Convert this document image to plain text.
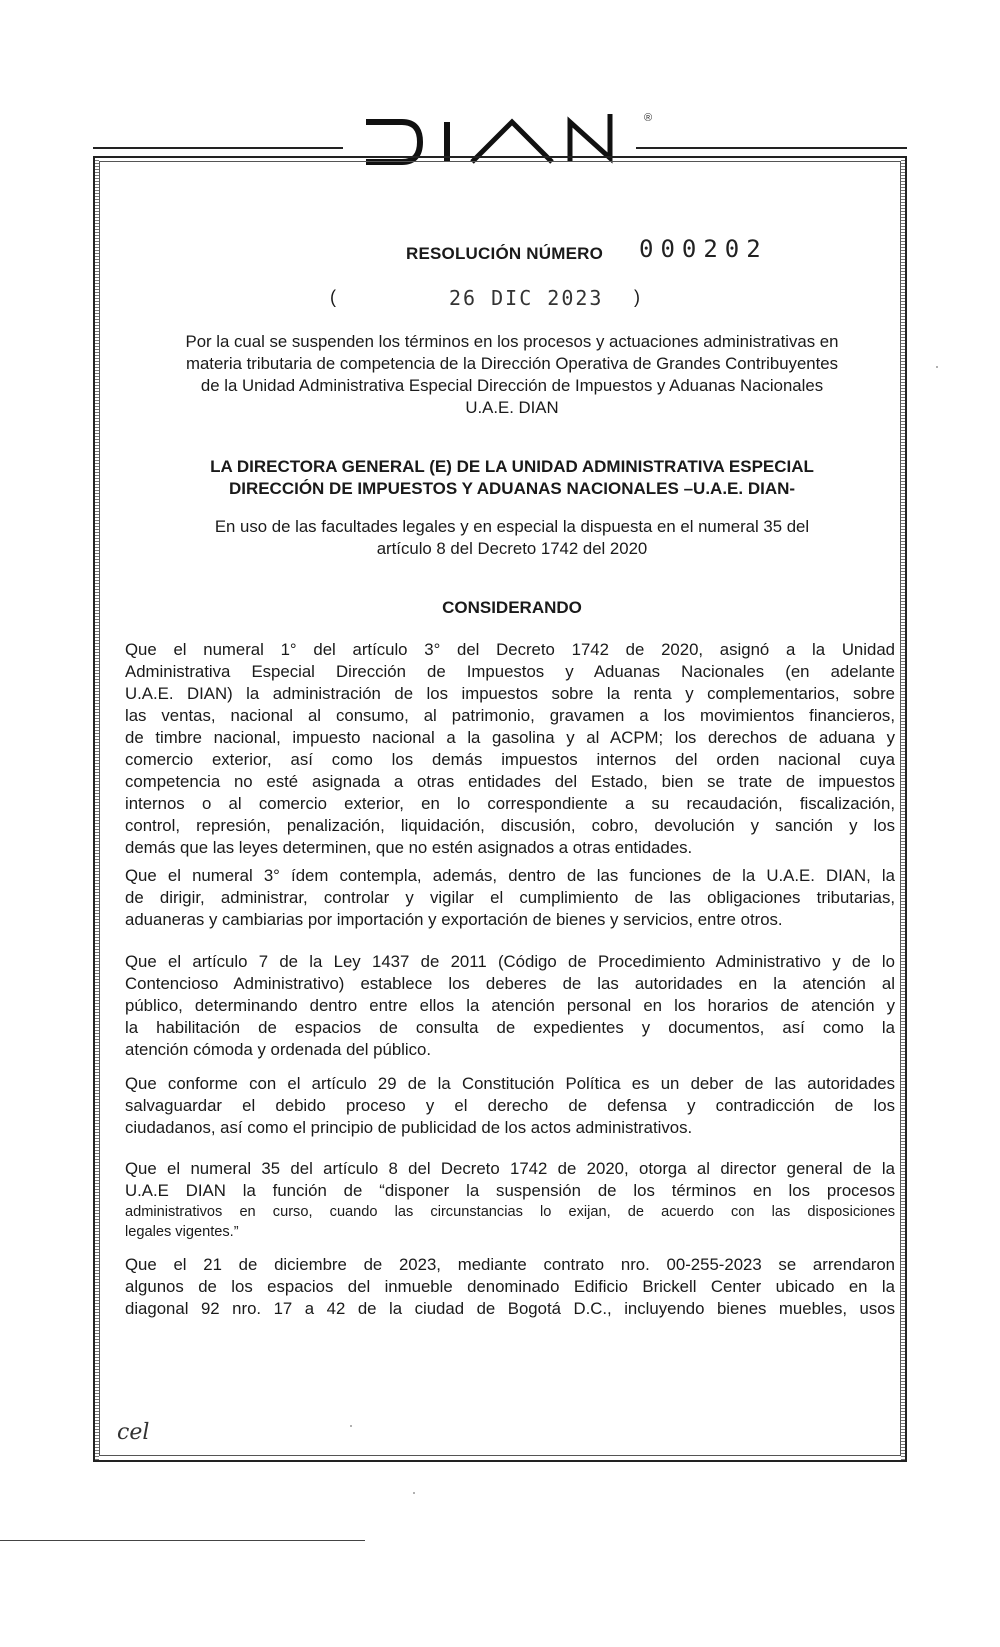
®
RESOLUCIÓN NÚMERO 000202
(	26 DIC 2023 )
Por la cual se suspenden los términos en los procesos y actuaciones administrativas en
materia tributaria de competencia de la Dirección Operativa de Grandes Contribuyentes
de la Unidad Administrativa Especial Dirección de Impuestos y Aduanas Nacionales
U.A.E. DIAN
LA DIRECTORA GENERAL (E) DE LA UNIDAD ADMINISTRATIVA ESPECIAL
DIRECCIÓN DE IMPUESTOS Y ADUANAS NACIONALES –U.A.E. DIAN-
En uso de las facultades legales y en especial la dispuesta en el numeral 35 del
artículo 8 del Decreto 1742 del 2020
CONSIDERANDO
Que el numeral 1° del artículo 3° del Decreto 1742 de 2020, asignó a la Unidad
Administrativa Especial Dirección de Impuestos y Aduanas Nacionales (en adelante
U.A.E. DIAN) la administración de los impuestos sobre la renta y complementarios, sobre
las ventas, nacional al consumo, al patrimonio, gravamen a los movimientos financieros,
de timbre nacional, impuesto nacional a la gasolina y al ACPM; los derechos de aduana y
comercio exterior, así como los demás impuestos internos del orden nacional cuya
competencia no esté asignada a otras entidades del Estado, bien se trate de impuestos
internos o al comercio exterior, en lo correspondiente a su recaudación, fiscalización,
control, represión, penalización, liquidación, discusión, cobro, devolución y sanción y los
demás que las leyes determinen, que no estén asignados a otras entidades.
Que el numeral 3° ídem contempla, además, dentro de las funciones de la U.A.E. DIAN, la
de dirigir, administrar, controlar y vigilar el cumplimiento de las obligaciones tributarias,
aduaneras y cambiarias por importación y exportación de bienes y servicios, entre otros.
Que el artículo 7 de la Ley 1437 de 2011 (Código de Procedimiento Administrativo y de lo
Contencioso Administrativo) establece los deberes de las autoridades en la atención al
público, determinando dentro entre ellos la atención personal en los horarios de atención y
la habilitación de espacios de consulta de expedientes y documentos, así como la
atención cómoda y ordenada del público.
Que conforme con el artículo 29 de la Constitución Política es un deber de las autoridades
salvaguardar el debido proceso y el derecho de defensa y contradicción de los
ciudadanos, así como el principio de publicidad de los actos administrativos.
Que el numeral 35 del artículo 8 del Decreto 1742 de 2020, otorga al director general de la
U.A.E DIAN la función de “disponer la suspensión de los términos en los procesos
administrativos en curso, cuando las circunstancias lo exijan, de acuerdo con las disposiciones
legales vigentes.”
Que el 21 de diciembre de 2023, mediante contrato nro. 00-255-2023 se arrendaron
algunos de los espacios del inmueble denominado Edificio Brickell Center ubicado en la
diagonal 92 nro. 17 a 42 de la ciudad de Bogotá D.C., incluyendo bienes muebles, usos
cel
